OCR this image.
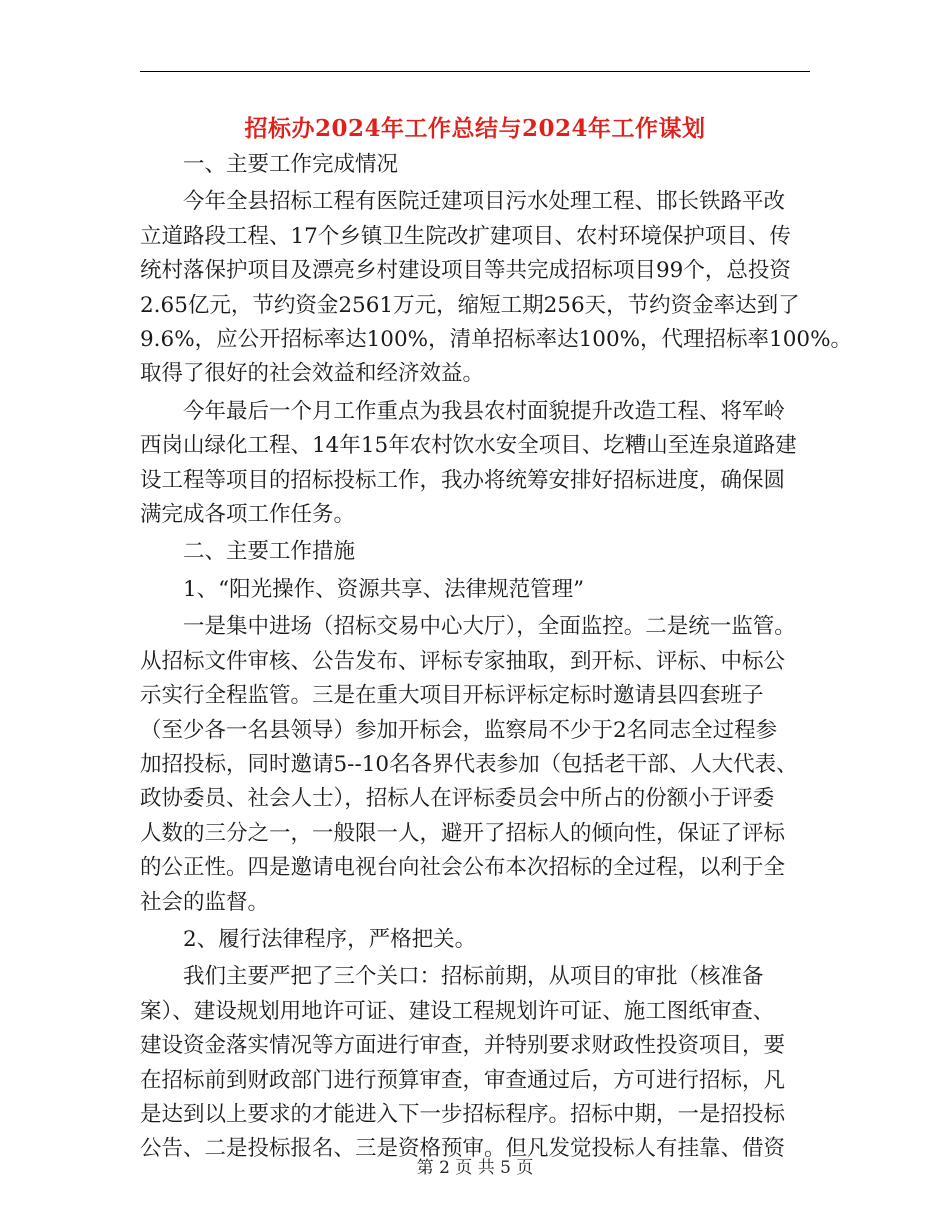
招标办2024年工作总结与2024年工作谋划
一、主要工作完成情况
今年全县招标工程有医院迁建项目污水处理工程、邯长铁路平改
立道路段工程、17个乡镇卫生院改扩建项目、农村环境保护项目、传
统村落保护项目及漂亮乡村建设项目等共完成招标项目99个，总投资
2.65亿元，节约资金2561万元，缩短工期256天，节约资金率达到了
9.6%，应公开招标率达100%，清单招标率达100%，代理招标率100%。
取得了很好的社会效益和经济效益。
今年最后一个月工作重点为我县农村面貌提升改造工程、将军岭
西岗山绿化工程、14年15年农村饮水安全项目、圪糟山至连泉道路建
设工程等项目的招标投标工作，我办将统筹安排好招标进度，确保圆
满完成各项工作任务。
二、主要工作措施
1、“阳光操作、资源共享、法律规范管理”
一是集中进场（招标交易中心大厅），全面监控。二是统一监管。
从招标文件审核、公告发布、评标专家抽取，到开标、评标、中标公
示实行全程监管。三是在重大项目开标评标定标时邀请县四套班子
（至少各一名县领导）参加开标会，监察局不少于2名同志全过程参
加招投标，同时邀请5--10名各界代表参加（包括老干部、人大代表、
政协委员、社会人士），招标人在评标委员会中所占的份额小于评委
人数的三分之一，一般限一人，避开了招标人的倾向性，保证了评标
的公正性。四是邀请电视台向社会公布本次招标的全过程，以利于全
社会的监督。
2、履行法律程序，严格把关。
我们主要严把了三个关口：招标前期，从项目的审批（核准备
案）、建设规划用地许可证、建设工程规划许可证、施工图纸审查、
建设资金落实情况等方面进行审查，并特别要求财政性投资项目，要
在招标前到财政部门进行预算审查，审查通过后，方可进行招标，凡
是达到以上要求的才能进入下一步招标程序。招标中期，一是招投标
公告、二是投标报名、三是资格预审。但凡发觉投标人有挂靠、借资
第 2 页 共 5 页
